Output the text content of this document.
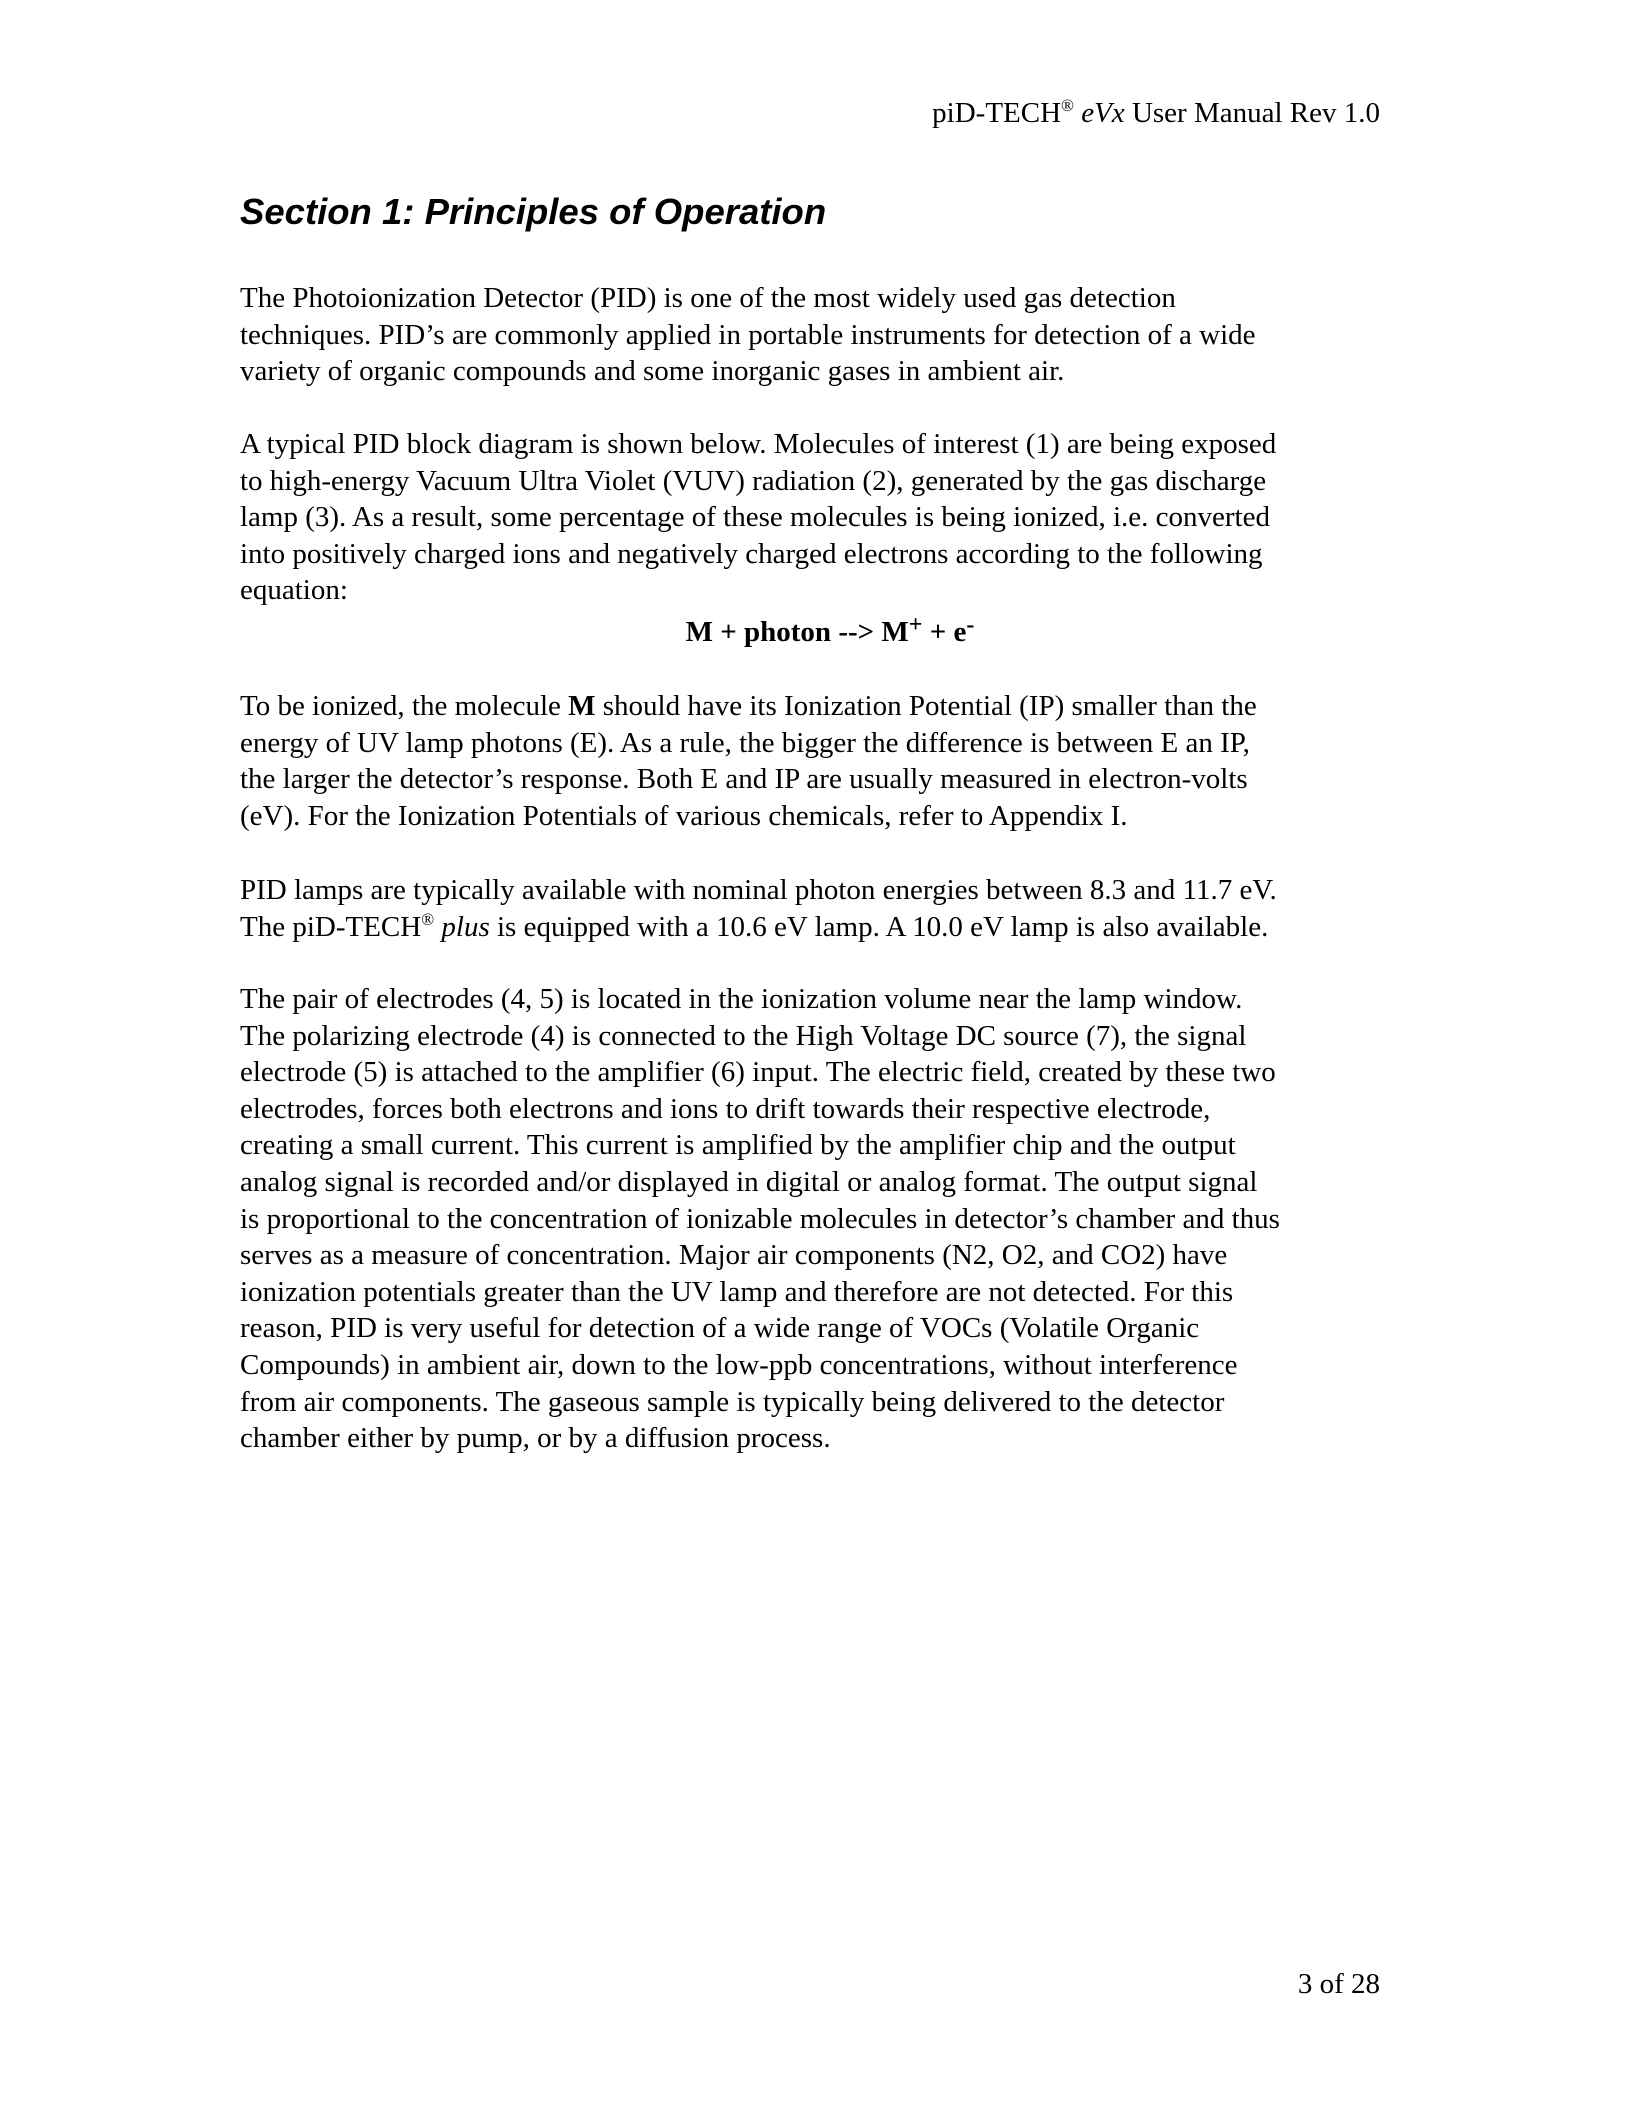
piD-TECH® eVx User Manual Rev 1.0
Section 1: Principles of Operation

The Photoionization Detector (PID) is one of the most widely used gas detection
techniques. PID’s are commonly applied in portable instruments for detection of a wide
variety of organic compounds and some inorganic gases in ambient air.

A typical PID block diagram is shown below. Molecules of interest (1) are being exposed
to high-energy Vacuum Ultra Violet (VUV) radiation (2), generated by the gas discharge
lamp (3). As a result, some percentage of these molecules is being ionized, i.e. converted
into positively charged ions and negatively charged electrons according to the following
equation:

M + photon --> M+ + e-

To be ionized, the molecule M should have its Ionization Potential (IP) smaller than the
energy of UV lamp photons (E). As a rule, the bigger the difference is between E an IP,
the larger the detector’s response. Both E and IP are usually measured in electron-volts
(eV). For the Ionization Potentials of various chemicals, refer to Appendix I.

PID lamps are typically available with nominal photon energies between 8.3 and 11.7 eV.
The piD-TECH® plus is equipped with a 10.6 eV lamp. A 10.0 eV lamp is also available.

The pair of electrodes (4, 5) is located in the ionization volume near the lamp window.
The polarizing electrode (4) is connected to the High Voltage DC source (7), the signal
electrode (5) is attached to the amplifier (6) input. The electric field, created by these two
electrodes, forces both electrons and ions to drift towards their respective electrode,
creating a small current. This current is amplified by the amplifier chip and the output
analog signal is recorded and/or displayed in digital or analog format. The output signal
is proportional to the concentration of ionizable molecules in detector’s chamber and thus
serves as a measure of concentration. Major air components (N2, O2, and CO2) have
ionization potentials greater than the UV lamp and therefore are not detected. For this
reason, PID is very useful for detection of a wide range of VOCs (Volatile Organic
Compounds) in ambient air, down to the low-ppb concentrations, without interference
from air components. The gaseous sample is typically being delivered to the detector
chamber either by pump, or by a diffusion process.

3 of 28
